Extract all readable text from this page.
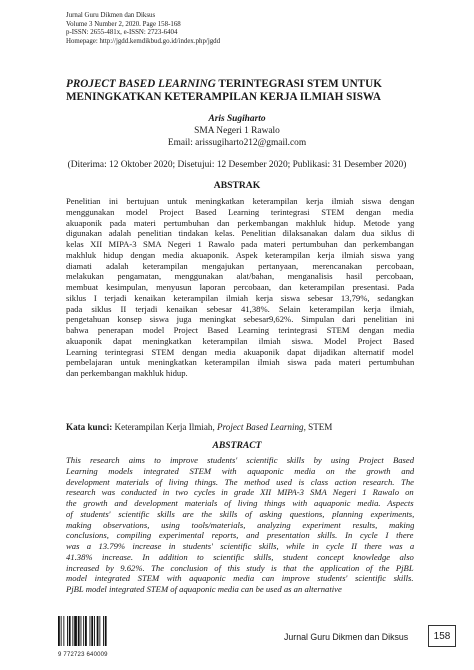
Jurnal Guru Dikmen dan Diksus
Volume 3 Number 2, 2020. Page 158-168
p-ISSN: 2655-481x, e-ISSN: 2723-6404
Homepage: http://jgdd.kemdikbud.go.id/index.php/jgdd
PROJECT BASED LEARNING TERINTEGRASI STEM UNTUK
MENINGKATKAN KETERAMPILAN KERJA ILMIAH SISWA
Aris Sugiharto
SMA Negeri 1 Rawalo
Email: arissugiharto212@gmail.com
(Diterima: 12 Oktober 2020; Disetujui: 12 Desember 2020; Publikasi: 31 Desember 2020)
ABSTRAK
Penelitian ini bertujuan untuk meningkatkan keterampilan kerja ilmiah siswa dengan
menggunakan model Project Based Learning terintegrasi STEM dengan media
akuaponik pada materi pertumbuhan dan perkembangan makhluk hidup. Metode yang
digunakan adalah penelitian tindakan kelas. Penelitian dilaksanakan dalam dua siklus di
kelas XII MIPA-3 SMA Negeri 1 Rawalo pada materi pertumbuhan dan perkembangan
makhluk hidup dengan media akuaponik. Aspek keterampilan kerja ilmiah siswa yang
diamati adalah keterampilan mengajukan pertanyaan, merencanakan percobaan,
melakukan pengamatan, menggunakan alat/bahan, menganalisis hasil percobaan,
membuat kesimpulan, menyusun laporan percobaan, dan keterampilan presentasi. Pada
siklus I terjadi kenaikan keterampilan ilmiah kerja siswa sebesar 13,79%, sedangkan
pada siklus II terjadi kenaikan sebesar 41,38%. Selain keterampilan kerja ilmiah,
pengetahuan konsep siswa juga meningkat sebesar9,62%. Simpulan dari penelitian ini
bahwa penerapan model Project Based Learning terintegrasi STEM dengan media
akuaponik dapat meningkatkan keterampilan ilmiah siswa. Model Project Based
Learning terintegrasi STEM dengan media akuaponik dapat dijadikan alternatif model
pembelajaran untuk meningkatkan keterampilan ilmiah siswa pada materi pertumbuhan
dan perkembangan makhluk hidup.
Kata kunci: Keterampilan Kerja Ilmiah, Project Based Learning, STEM
ABSTRACT
This research aims to improve students' scientific skills by using Project Based
Learning models integrated STEM with aquaponic media on the growth and
development materials of living things. The method used is class action research. The
research was conducted in two cycles in grade XII MIPA-3 SMA Negeri 1 Rawalo on
the growth and development materials of living things with aquaponic media. Aspects
of students' scientific skills are the skills of asking questions, planning experiments,
making observations, using tools/materials, analyzing experiment results, making
conclusions, compiling experimental reports, and presentation skills. In cycle I there
was a 13.79% increase in students' scientific skills, while in cycle II there was a
41.38% increase. In addition to scientific skills, student concept knowledge also
increased by 9.62%. The conclusion of this study is that the application of the PjBL
model integrated STEM with aquaponic media can improve students' scientific skills.
PjBL model integrated STEM of aquaponic media can be used as an alternative
9 772723 640009
Jurnal Guru Dikmen dan Diksus	158
